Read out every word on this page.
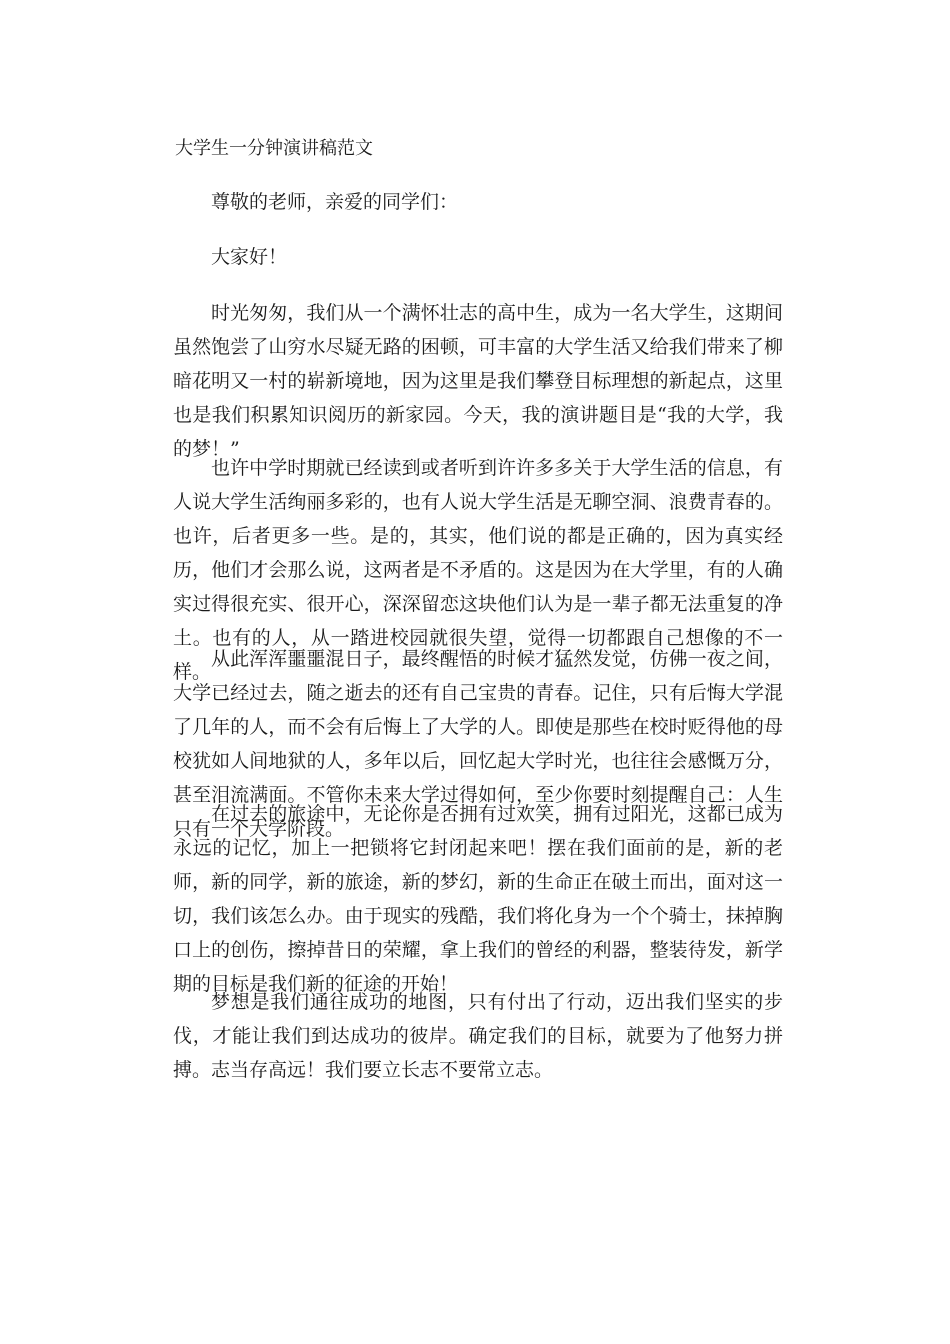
大学生一分钟演讲稿范文

尊敬的老师，亲爱的同学们：

大家好！

时光匆匆，我们从一个满怀壮志的高中生，成为一名大学生，这期间虽然饱尝了山穷水尽疑无路的困顿，可丰富的大学生活又给我们带来了柳暗花明又一村的崭新境地，因为这里是我们攀登目标理想的新起点，这里也是我们积累知识阅历的新家园。今天，我的演讲题目是“我的大学，我的梦！”

也许中学时期就已经读到或者听到许许多多关于大学生活的信息，有人说大学生活绚丽多彩的，也有人说大学生活是无聊空洞、浪费青春的。也许，后者更多一些。是的，其实，他们说的都是正确的，因为真实经历，他们才会那么说，这两者是不矛盾的。这是因为在大学里，有的人确实过得很充实、很开心，深深留恋这块他们认为是一辈子都无法重复的净土。也有的人，从一踏进校园就很失望，觉得一切都跟自己想像的不一样。

从此浑浑噩噩混日子，最终醒悟的时候才猛然发觉，仿佛一夜之间，大学已经过去，随之逝去的还有自己宝贵的青春。记住，只有后悔大学混了几年的人，而不会有后悔上了大学的人。即使是那些在校时贬得他的母校犹如人间地狱的人，多年以后，回忆起大学时光，也往往会感慨万分，甚至泪流满面。不管你未来大学过得如何，至少你要时刻提醒自己：人生只有一个大学阶段。

在过去的旅途中，无论你是否拥有过欢笑，拥有过阳光，这都已成为永远的记忆，加上一把锁将它封闭起来吧！摆在我们面前的是，新的老师，新的同学，新的旅途，新的梦幻，新的生命正在破土而出，面对这一切，我们该怎么办。由于现实的残酷，我们将化身为一个个骑士，抹掉胸口上的创伤，擦掉昔日的荣耀，拿上我们的曾经的利器，整装待发，新学期的目标是我们新的征途的开始！

梦想是我们通往成功的地图，只有付出了行动，迈出我们坚实的步伐，才能让我们到达成功的彼岸。确定我们的目标，就要为了他努力拼搏。志当存高远！我们要立长志不要常立志。
